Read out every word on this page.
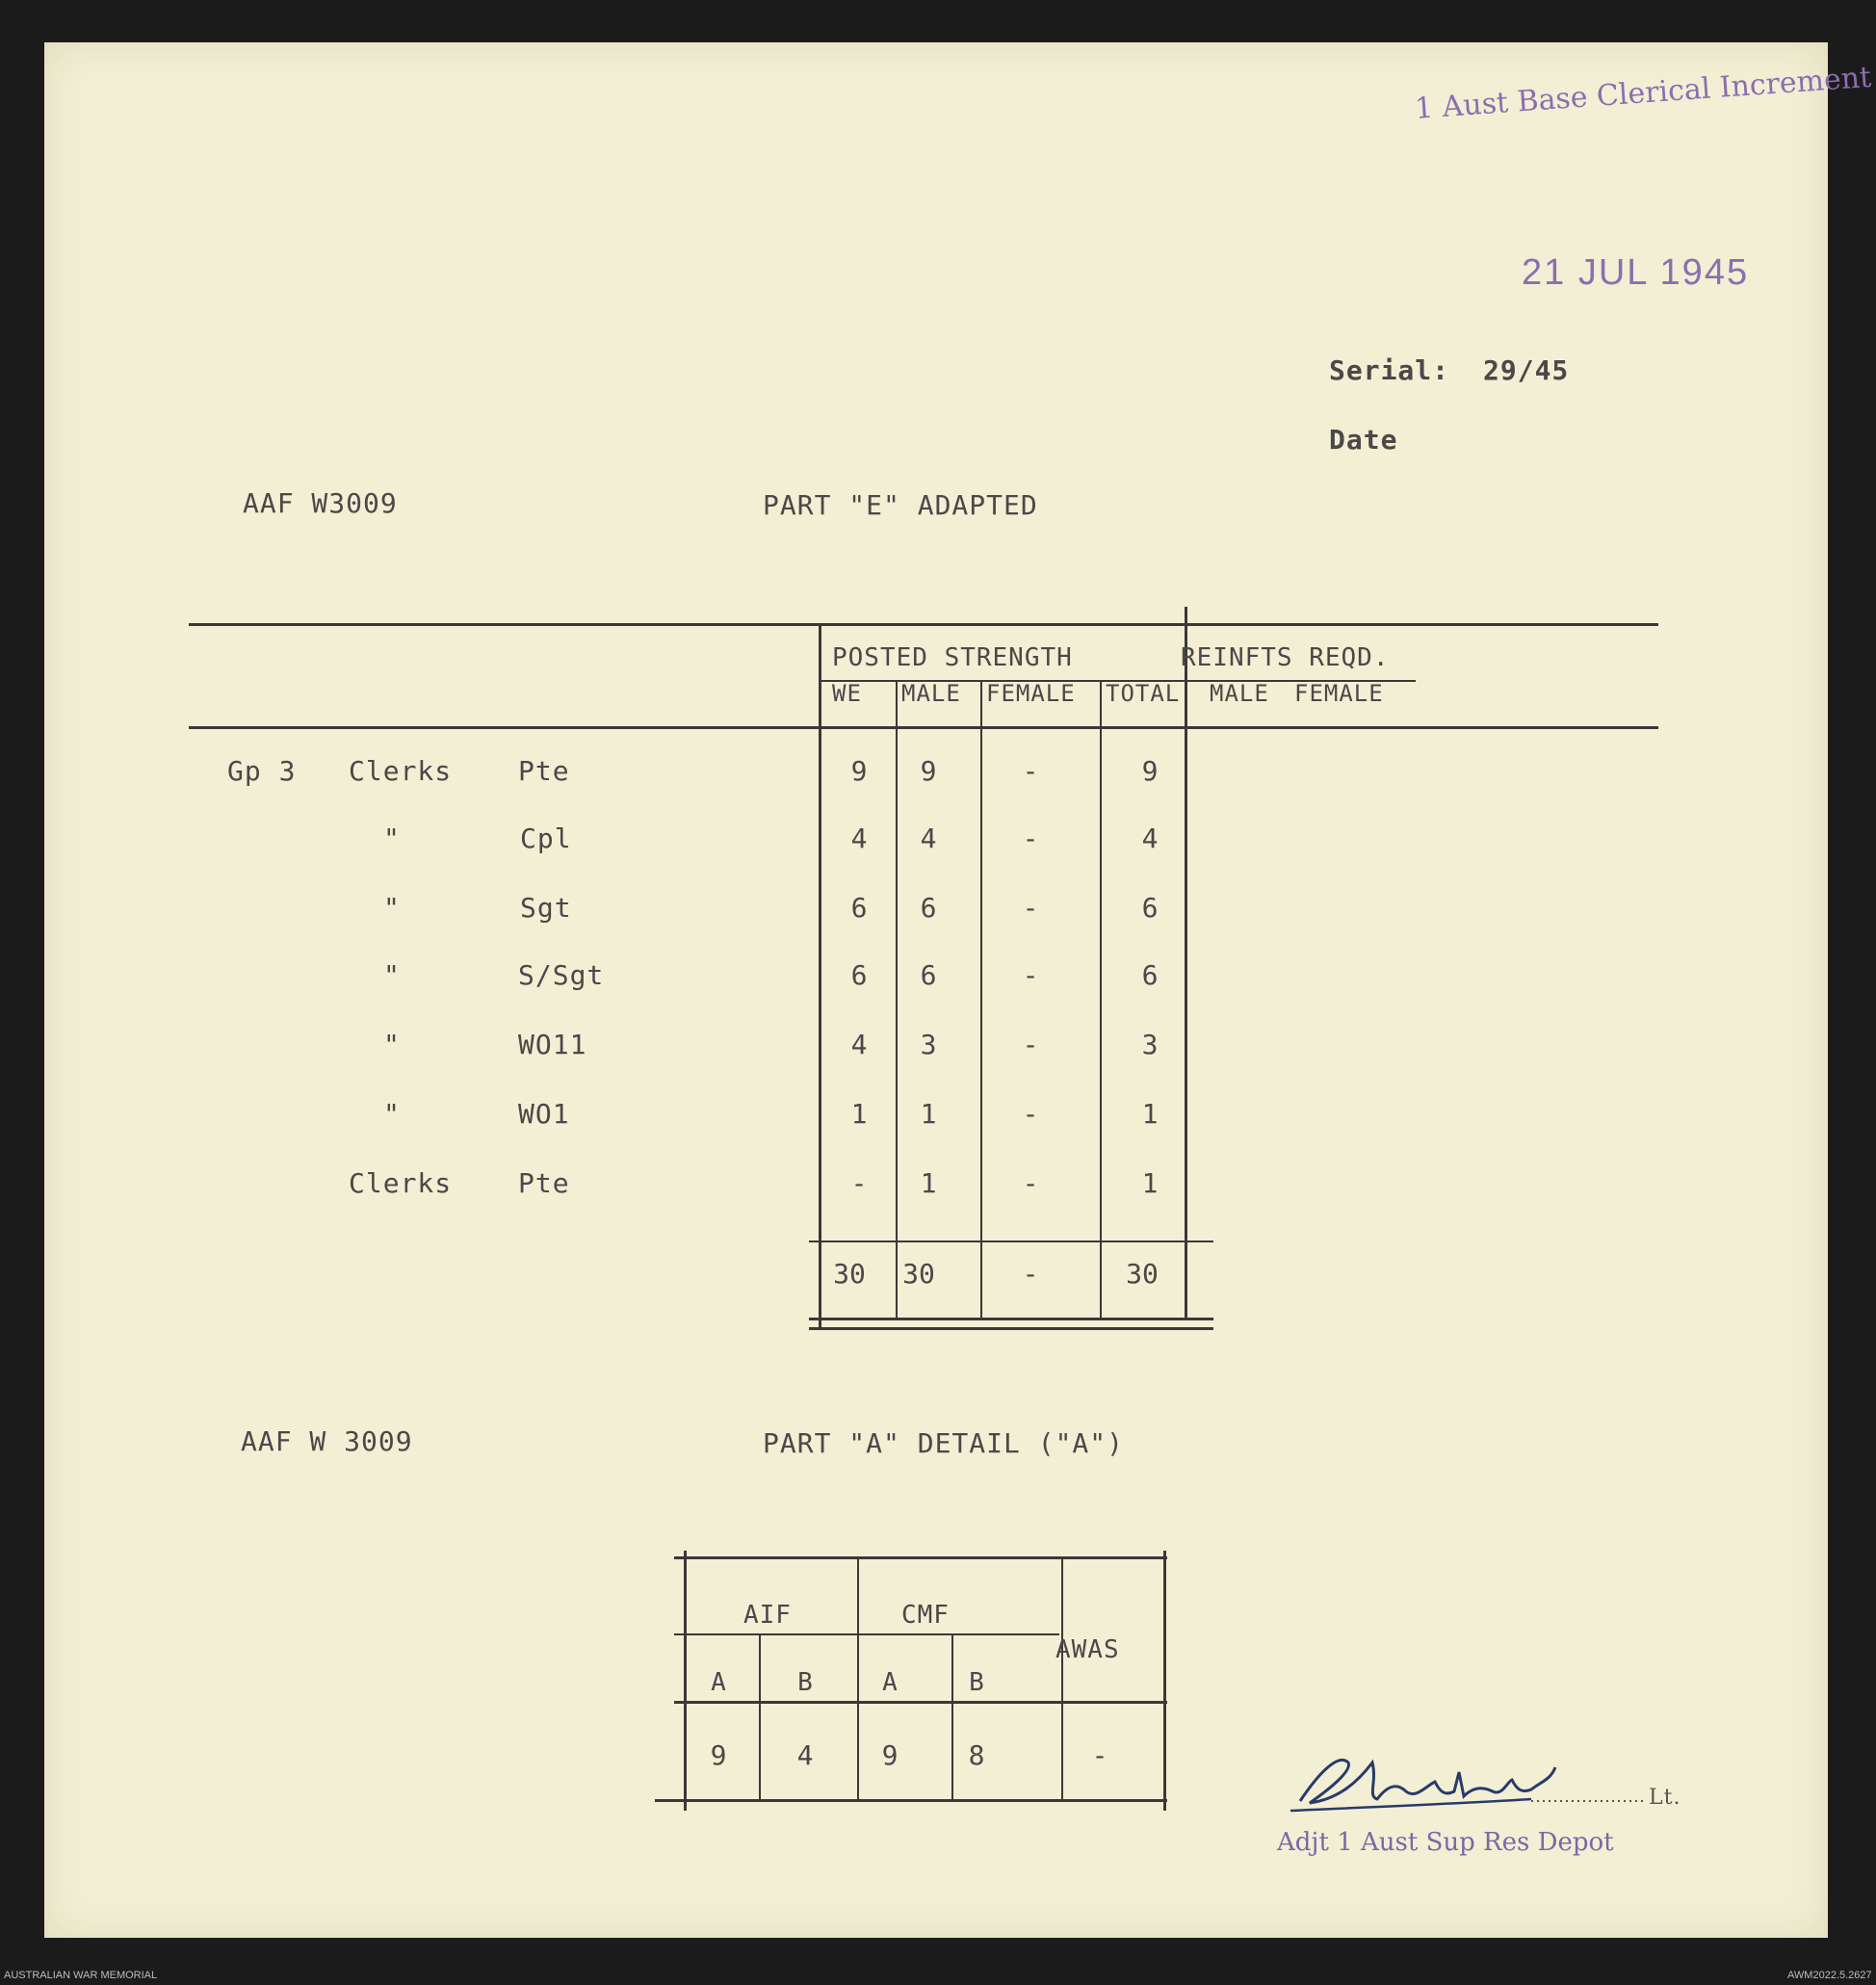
1 Aust Base Clerical Increment
21 JUL 1945
Serial: 29/45
Date
AAF W3009	PART "E" ADAPTED
POSTED STRENGTH	REINFTS REQD.
WE MALE FEMALE TOTAL MALE FEMALE
Gp 3 Clerks Pte	9	9	-	9
"	Cpl	4	4	-	4
"	Sgt	6	6	-	6
"	S/Sgt	6	6	-	6
"	WO11	4	3	-	3
"	WO1	1	1	-	1
Clerks Pte	-	1	-	1
30	30	-	30
AAF W 3009	PART "A" DETAIL ("A")
AIF	CMF
AWAS
A	B	A	B
9	4	9	8	-
Lt.
Adjt 1 Aust Sup Res Depot
AUSTRALIAN WAR MEMORIAL	AWM2022.5.2627
